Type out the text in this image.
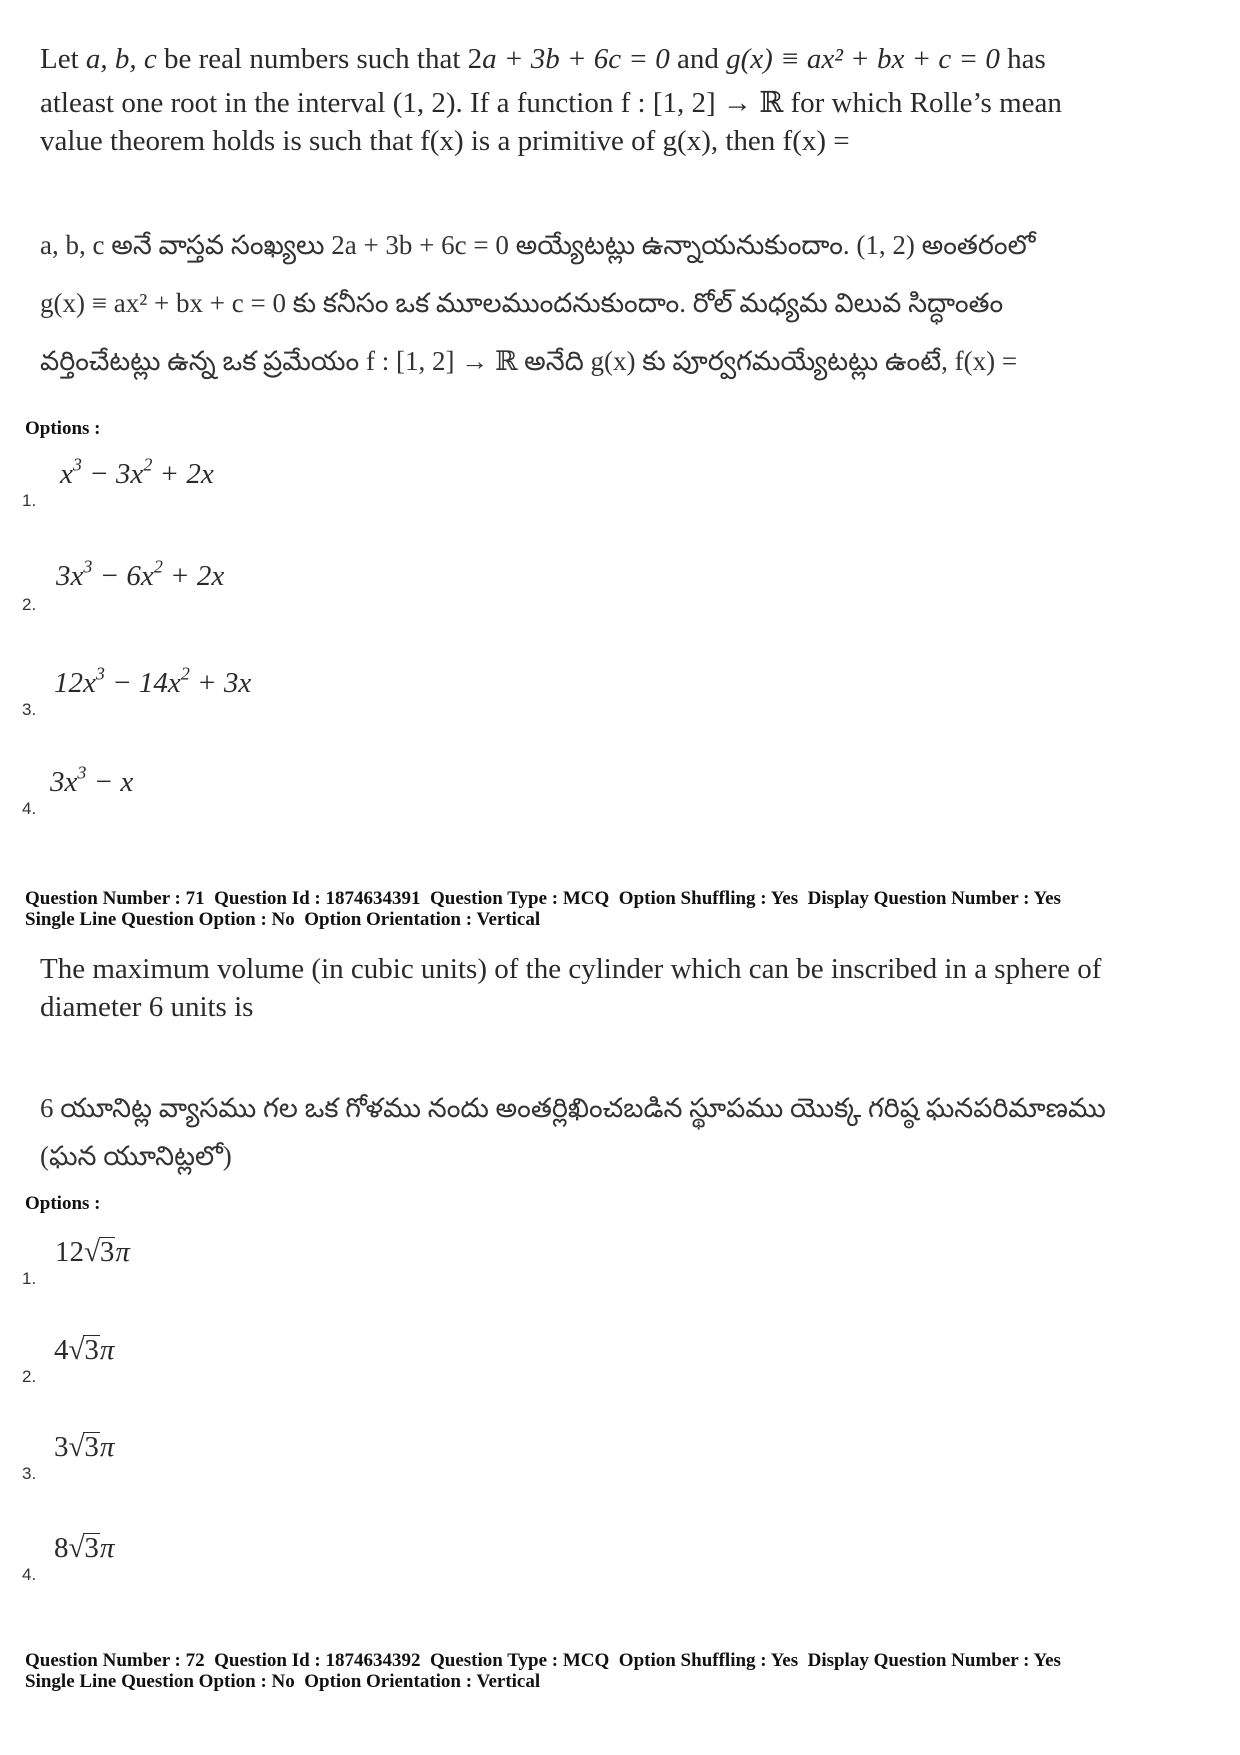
Let a, b, c be real numbers such that 2a + 3b + 6c = 0 and g(x) ≡ ax² + bx + c = 0 has
atleast one root in the interval (1, 2). If a function f : [1, 2] → ℝ for which Rolle’s mean
value theorem holds is such that f(x) is a primitive of g(x), then f(x) =
a, b, c అనే వాస్తవ సంఖ్యలు 2a + 3b + 6c = 0 అయ్యేటట్లు ఉన్నాయనుకుందాం. (1, 2) అంతరంలో
g(x) ≡ ax² + bx + c = 0 కు కనీసం ఒక మూలముందనుకుందాం. రోల్ మధ్యమ విలువ సిద్ధాంతం
వర్తించేటట్లు ఉన్న ఒక ప్రమేయం f : [1, 2] → ℝ అనేది g(x) కు పూర్వగమయ్యేటట్లు ఉంటే, f(x) =
Options :
1.
$x^3 - 3x^2 + 2x$
2.
$3x^3 - 6x^2 + 2x$
3.
$12x^3 - 14x^2 + 3x$
4.
$3x^3 - x$
Question Number : 71  Question Id : 1874634391  Question Type : MCQ  Option Shuffling : Yes  Display Question Number : Yes
Single Line Question Option : No  Option Orientation : Vertical
The maximum volume (in cubic units) of the cylinder which can be inscribed in a sphere of
diameter 6 units is
6 యూనిట్ల వ్యాసము గల ఒక గోళము నందు అంతర్లిఖించబడిన స్థూపము యొక్క గరిష్ఠ ఘనపరిమాణము
(ఘన యూనిట్లలో)
Options :
1.
12√3π
2.
4√3π
3.
3√3π
4.
8√3π
Question Number : 72  Question Id : 1874634392  Question Type : MCQ  Option Shuffling : Yes  Display Question Number : Yes
Single Line Question Option : No  Option Orientation : Vertical
